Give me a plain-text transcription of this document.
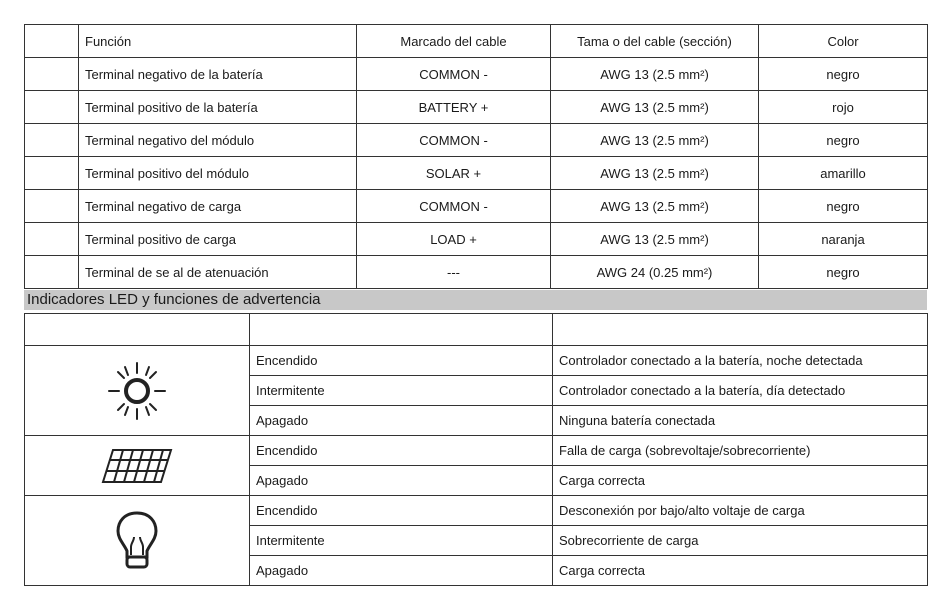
	Función	Marcado del cable	Tama o del cable (sección)	Color
	Terminal negativo de la batería	COMMON -	AWG 13 (2.5 mm²)	negro
	Terminal positivo de la batería	BATTERY +	AWG 13 (2.5 mm²)	rojo
	Terminal negativo del módulo	COMMON -	AWG 13 (2.5 mm²)	negro
	Terminal positivo del módulo	SOLAR +	AWG 13 (2.5 mm²)	amarillo
	Terminal negativo de carga	COMMON -	AWG 13 (2.5 mm²)	negro
	Terminal positivo de carga	LOAD +	AWG 13 (2.5 mm²)	naranja
	Terminal de se al de atenuación	---	AWG 24 (0.25 mm²)	negro
Indicadores LED y funciones de advertencia

	Encendido	Controlador conectado a la batería, noche detectada
	Intermitente	Controlador conectado a la batería, día detectado
	Apagado	Ninguna batería conectada

	Encendido	Falla de carga (sobrevoltaje/sobrecorriente)
	Apagado	Carga correcta

	Encendido	Desconexión por bajo/alto voltaje de carga
	Intermitente	Sobrecorriente de carga
	Apagado	Carga correcta
